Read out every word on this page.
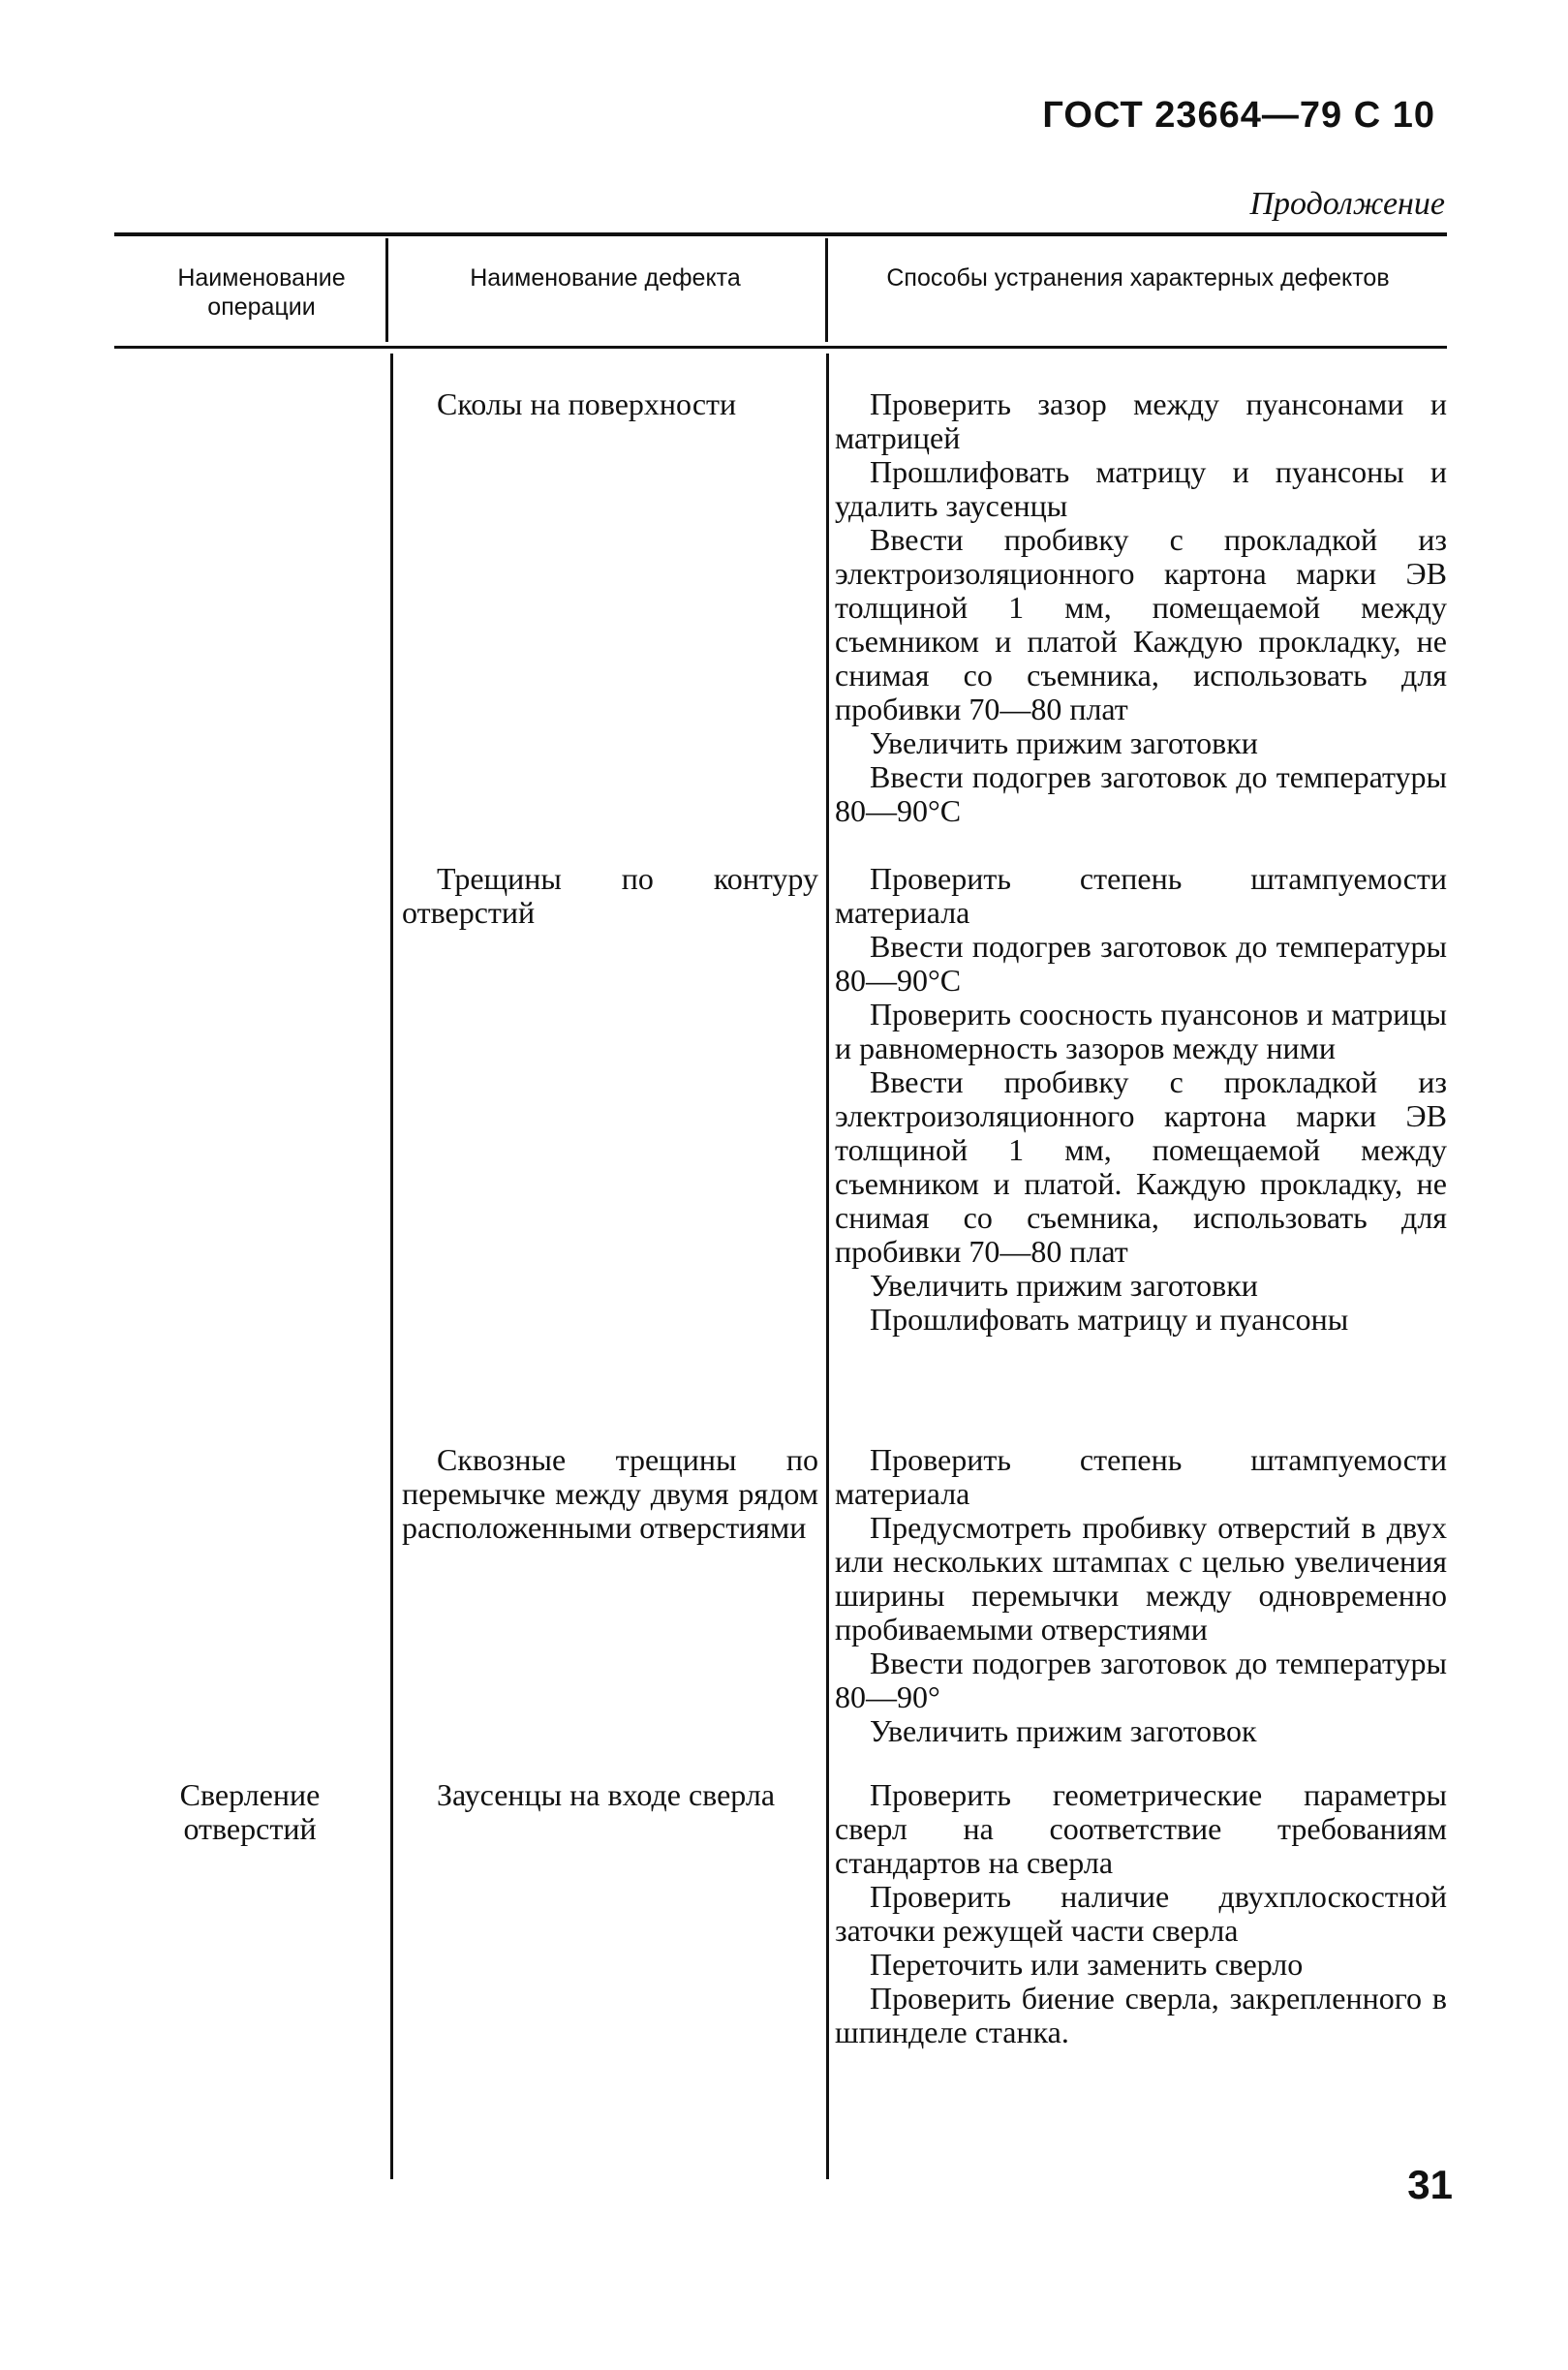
ГОСТ 23664—79 С 10
Продолжение
Наименование операции
Наименование дефекта	Способы устранения характерных дефектов

Сколы на поверхности

Трещины по контуру отверстий

Сквозные трещины по перемычке между двумя рядом расположенными отверстиями

Заусенцы на входе сверла

Сверление отверстий

Проверить зазор между пуансонами и матрицей

Прошлифовать матрицу и пуансоны и удалить заусенцы

Ввести пробивку с прокладкой из электроизоляционного картона марки ЭВ толщиной 1 мм, помещаемой между съемником и платой Каждую прокладку, не снимая со съемника, использовать для пробивки 70—80 плат

Увеличить прижим заготовки

Ввести подогрев заготовок до температуры 80—90°С

Проверить степень штампуемости материала

Ввести подогрев заготовок до температуры 80—90°С

Проверить соосность пуансонов и матрицы и равномерность зазоров между ними

Ввести пробивку с прокладкой из электроизоляционного картона марки ЭВ толщиной 1 мм, помещаемой между съемником и платой. Каждую прокладку, не снимая со съемника, использовать для пробивки 70—80 плат

Увеличить прижим заготовки

Прошлифовать матрицу и пуансоны

Проверить степень штампуемости материала

Предусмотреть пробивку отверстий в двух или нескольких штампах с целью увеличения ширины перемычки между одновременно пробиваемыми отверстиями

Ввести подогрев заготовок до температуры 80—90°

Увеличить прижим заготовок

Проверить геометрические параметры сверл на соответствие требованиям стандартов на сверла

Проверить наличие двухплоскостной заточки режущей части сверла

Переточить или заменить сверло

Проверить биение сверла, закрепленного в шпинделе станка.

31
